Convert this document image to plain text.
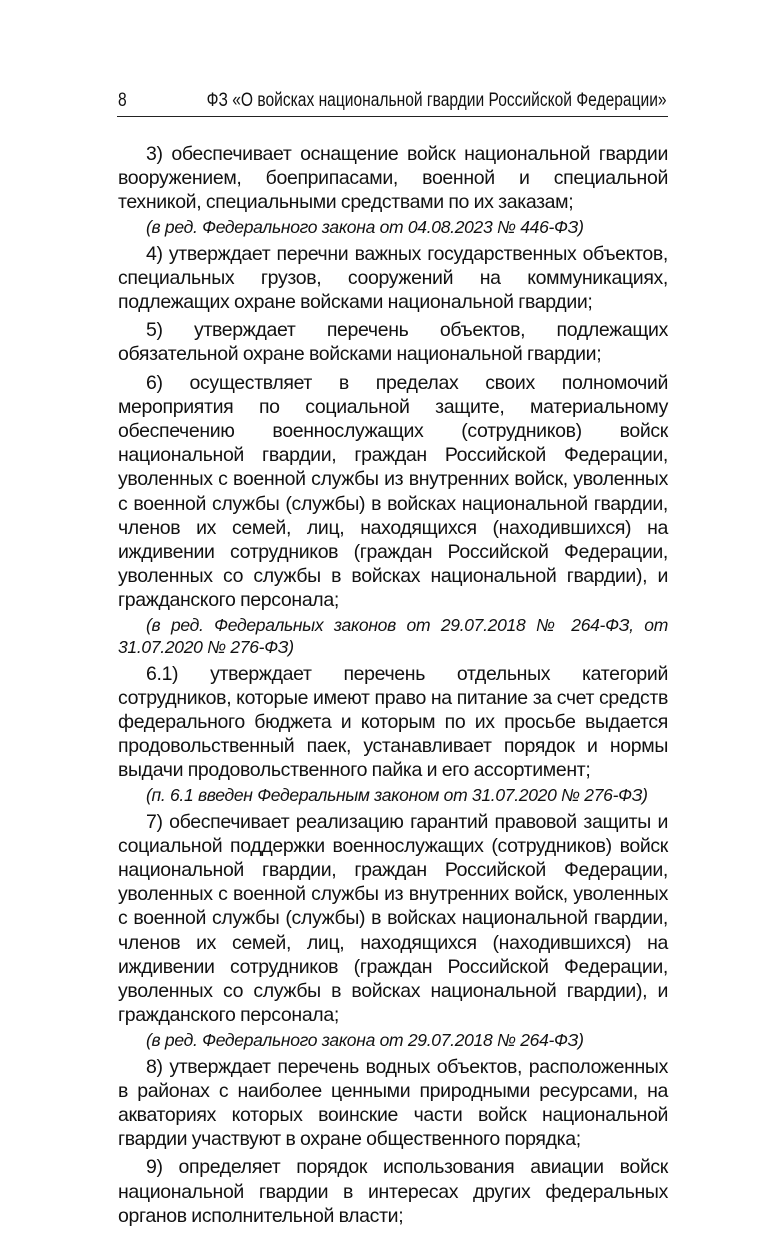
8	ФЗ «О войсках национальной гвардии Российской Федерации»

3) обеспечивает оснащение войск национальной гвардии вооружением, боеприпасами, военной и специальной техникой, специальными средствами по их заказам;

(в ред. Федерального закона от 04.08.2023 № 446-ФЗ)

4) утверждает перечни важных государственных объектов, специальных грузов, сооружений на коммуникациях, подлежащих охране войсками национальной гвардии;

5) утверждает перечень объектов, подлежащих обязательной охране войсками национальной гвардии;

6) осуществляет в пределах своих полномочий мероприятия по социальной защите, материальному обеспечению военнослужащих (сотрудников) войск национальной гвардии, граждан Российской Федерации, уволенных с военной службы из внутренних войск, уволенных с военной службы (службы) в войсках национальной гвардии, членов их семей, лиц, находящихся (находившихся) на иждивении сотрудников (граждан Российской Федерации, уволенных со службы в войсках национальной гвардии), и гражданского персонала;

(в ред. Федеральных законов от 29.07.2018 № 264-ФЗ, от 31.07.2020 № 276-ФЗ)

6.1) утверждает перечень отдельных категорий сотрудников, которые имеют право на питание за счет средств федерального бюджета и которым по их просьбе выдается продовольственный паек, устанавливает порядок и нормы выдачи продовольственного пайка и его ассортимент;

(п. 6.1 введен Федеральным законом от 31.07.2020 № 276-ФЗ)

7) обеспечивает реализацию гарантий правовой защиты и социальной поддержки военнослужащих (сотрудников) войск национальной гвардии, граждан Российской Федерации, уволенных с военной службы из внутренних войск, уволенных с военной службы (службы) в войсках национальной гвардии, членов их семей, лиц, находящихся (находившихся) на иждивении сотрудников (граждан Российской Федерации, уволенных со службы в войсках национальной гвардии), и гражданского персонала;

(в ред. Федерального закона от 29.07.2018 № 264-ФЗ)

8) утверждает перечень водных объектов, расположенных в районах с наиболее ценными природными ресурсами, на акваториях которых воинские части войск национальной гвардии участвуют в охране общественного порядка;

9) определяет порядок использования авиации войск национальной гвардии в интересах других федеральных органов исполнительной власти;
